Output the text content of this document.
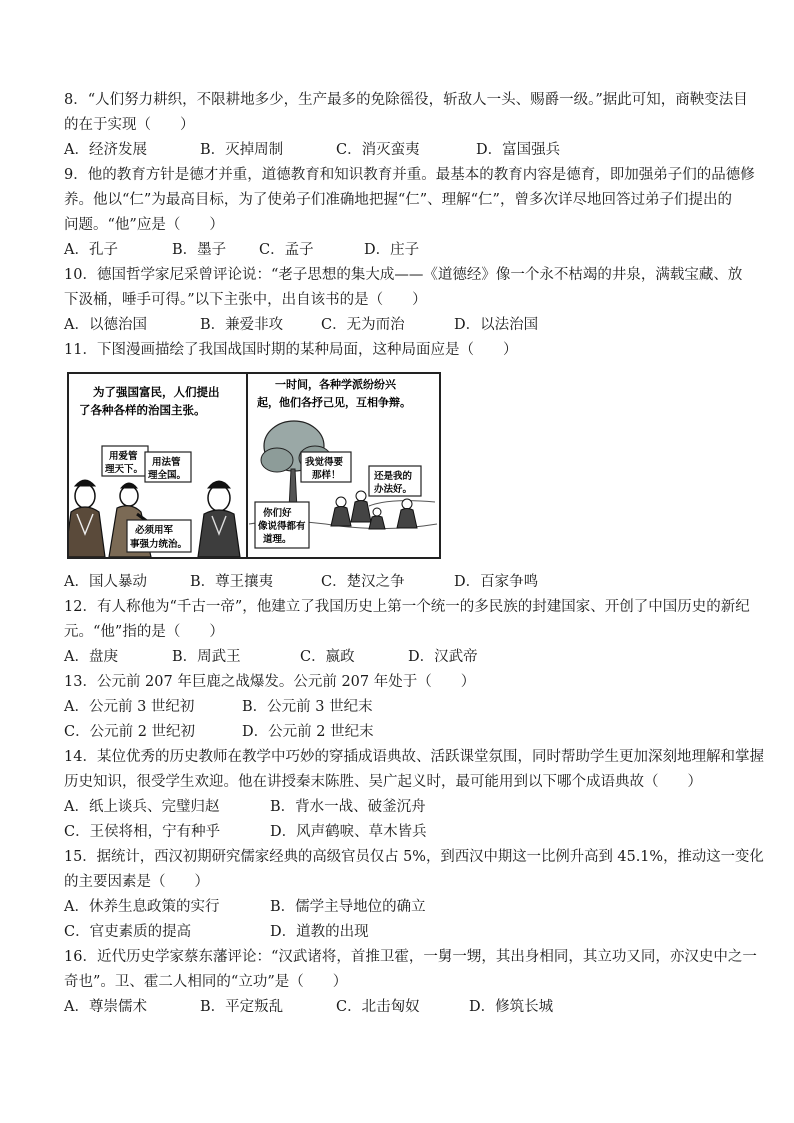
8．“人们努力耕织，不限耕地多少，生产最多的免除徭役，斩敌人一头、赐爵一级。”据此可知，商鞅变法目
的在于实现（　　）
A．经济发展	B．灭掉周制	C．消灭蛮夷	D．富国强兵
9．他的教育方针是德才并重，道德教育和知识教育并重。最基本的教育内容是德育，即加强弟子们的品德修
养。他以“仁”为最高目标，为了使弟子们准确地把握“仁”、理解“仁”，曾多次详尽地回答过弟子们提出的
问题。“他”应是（　　）
A．孔子	B．墨子 C．孟子	D．庄子
10．德国哲学家尼采曾评论说：“老子思想的集大成——《道德经》像一个永不枯竭的井泉，满载宝藏、放
下汲桶，唾手可得。”以下主张中，出自该书的是（　　）
A．以德治国	B．兼爱非攻	C．无为而治	D．以法治国
11．下图漫画描绘了我国战国时期的某种局面，这种局面应是（　　）
为了强国富民，人们提出
了各种各样的治国主张。
用爱管
理天下。
用法管
理全国。
必须用军
事强力统治。
一时间，各种学派纷纷兴
起，他们各抒己见，互相争辩。
我觉得要
那样！	还是我的
办法好。
你们好
像说得都有
道理。
A．国人暴动	B．尊王攘夷	C．楚汉之争	D．百家争鸣
12．有人称他为“千古一帝”，他建立了我国历史上第一个统一的多民族的封建国家、开创了中国历史的新纪
元。“他”指的是（　　）
A．盘庚	B．周武王	C．嬴政	D．汉武帝
13．公元前 207 年巨鹿之战爆发。公元前 207 年处于（　　）
A．公元前 3 世纪初	B．公元前 3 世纪末
C．公元前 2 世纪初	D．公元前 2 世纪末
14．某位优秀的历史教师在教学中巧妙的穿插成语典故、活跃课堂氛围，同时帮助学生更加深刻地理解和掌握
历史知识，很受学生欢迎。他在讲授秦末陈胜、吴广起义时，最可能用到以下哪个成语典故（　　）
A．纸上谈兵、完璧归赵	B．背水一战、破釜沉舟
C．王侯将相，宁有种乎	D．风声鹤唳、草木皆兵
15．据统计，西汉初期研究儒家经典的高级官员仅占 5%，到西汉中期这一比例升高到 45.1%，推动这一变化
的主要因素是（　　）
A．休养生息政策的实行	B．儒学主导地位的确立
C．官吏素质的提高	D．道教的出现
16．近代历史学家蔡东藩评论：“汉武诸将，首推卫霍，一舅一甥，其出身相同，其立功又同，亦汉史中之一
奇也”。卫、霍二人相同的“立功”是（　　）
A．尊崇儒术	B．平定叛乱	C．北击匈奴	D．修筑长城
